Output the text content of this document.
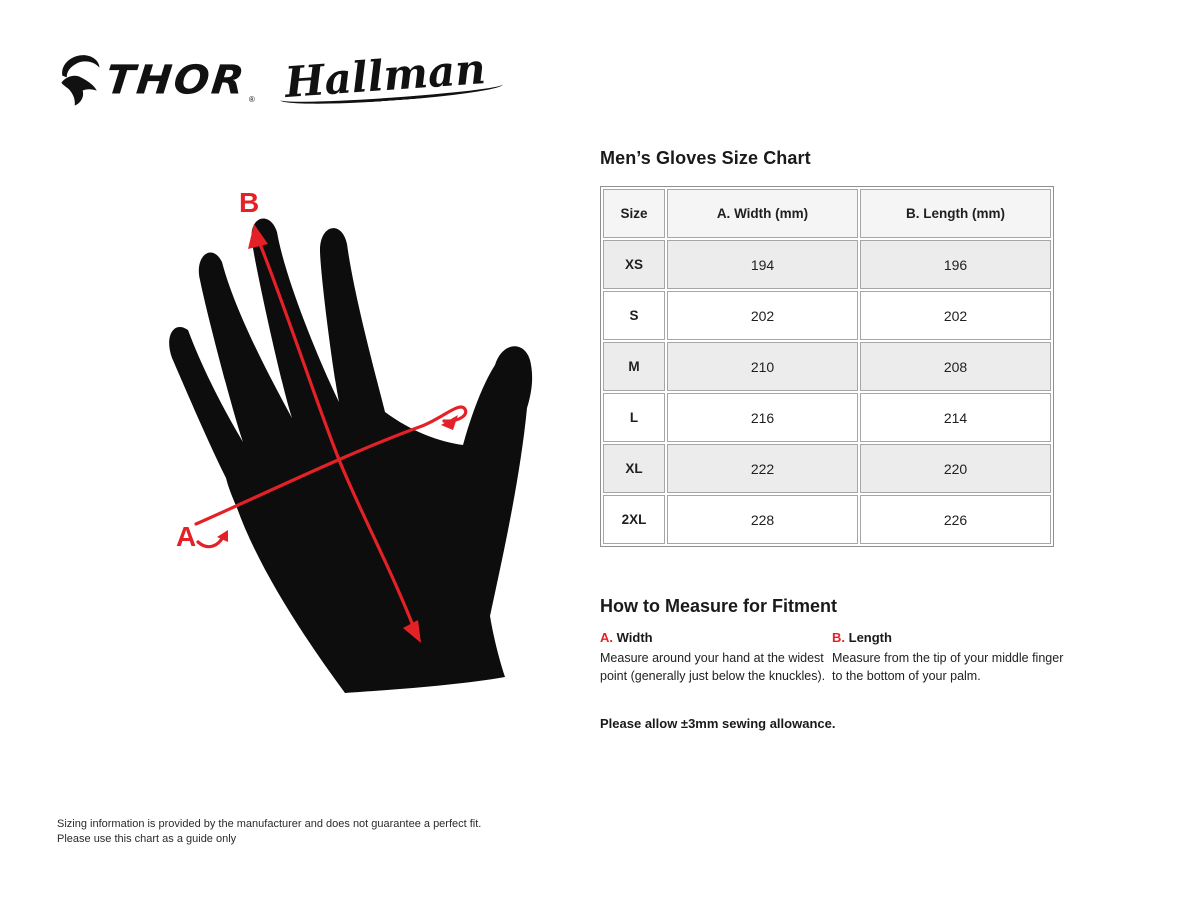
THOR ® Hallman
A
B
Men’s Gloves Size Chart
Size	A. Width (mm)	B. Length (mm)
XS	194	196
S	202	202
M	210	208
L	216	214
XL	222	220
2XL	228	226
How to Measure for Fitment
A. Width

Measure around your hand at the widest point (generally just below the knuckles).

B. Length

Measure from the tip of your middle finger to the bottom of your palm.

Please allow ±3mm sewing allowance.
Sizing information is provided by the manufacturer and does not guarantee a perfect fit.
Please use this chart as a guide only
